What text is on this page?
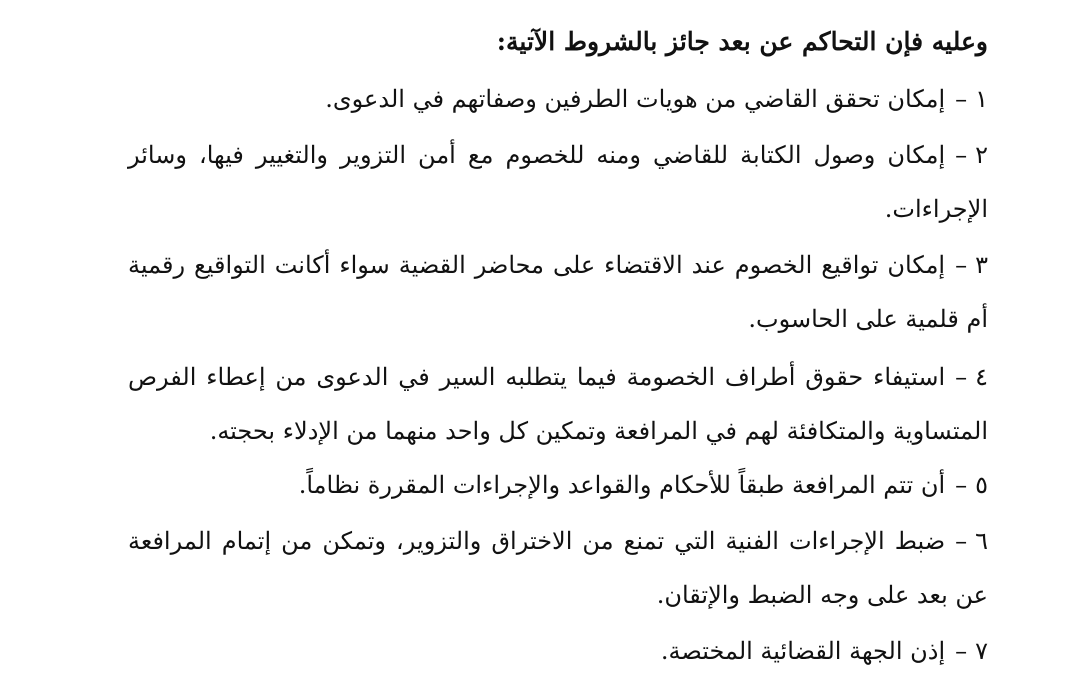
وعليه فإن التحاكم عن بعد جائز بالشروط الآتية:

١–إمكان تحقق القاضي من هويات الطرفين وصفاتهم في الدعوى.

٢–إمكان وصول الكتابة للقاضي ومنه للخصوم مع أمن التزوير والتغيير فيها، وسائر الإجراءات.

٣–إمكان تواقيع الخصوم عند الاقتضاء على محاضر القضية سواء أكانت التواقيع رقمية أم قلمية على الحاسوب.

٤–استيفاء حقوق أطراف الخصومة فيما يتطلبه السير في الدعوى من إعطاء الفرص المتساوية والمتكافئة لهم في المرافعة وتمكين كل واحد منهما من الإدلاء بحجته.

٥–أن تتم المرافعة طبقاً للأحكام والقواعد والإجراءات المقررة نظاماً.

٦–ضبط الإجراءات الفنية التي تمنع من الاختراق والتزوير، وتمكن من إتمام المرافعة عن بعد على وجه الضبط والإتقان.

٧–إذن الجهة القضائية المختصة.
